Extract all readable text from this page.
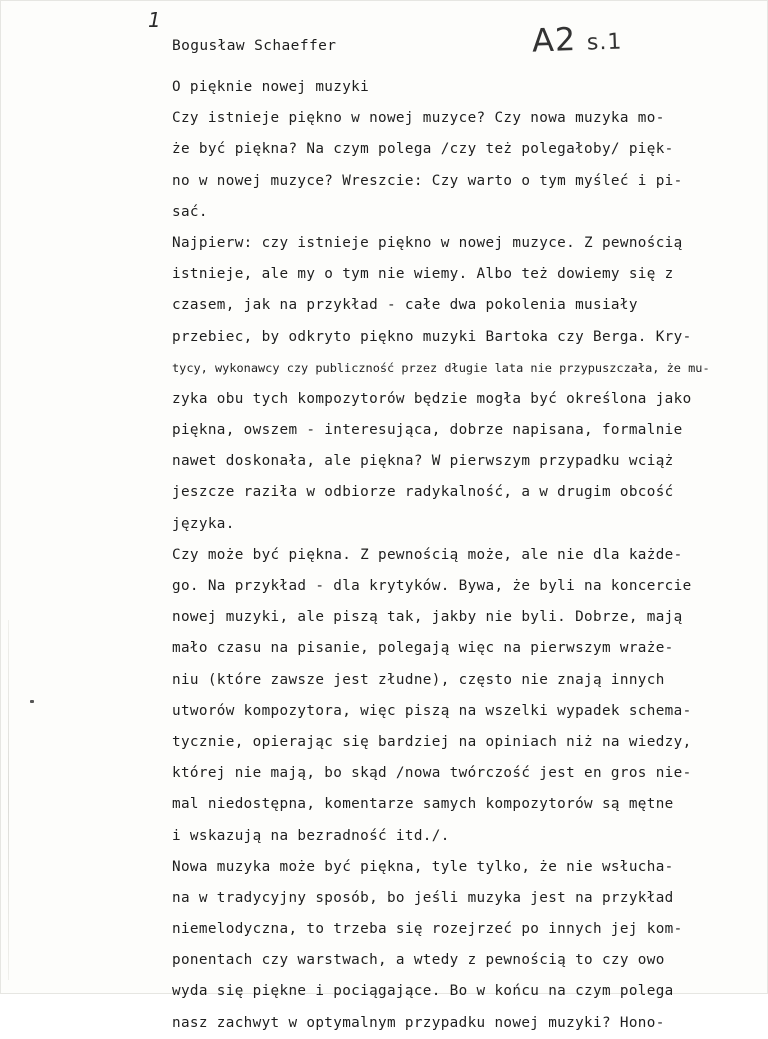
1
A2 s.1
Bogusław Schaeffer
O pięknie nowej muzyki
Czy istnieje piękno w nowej muzyce? Czy nowa muzyka mo-
że być piękna? Na czym polega /czy też polegałoby/ pięk-
no w nowej muzyce? Wreszcie: Czy warto o tym myśleć i pi-
sać.
Najpierw: czy istnieje piękno w nowej muzyce. Z pewnością
istnieje, ale my o tym nie wiemy. Albo też dowiemy się z
czasem, jak na przykład - całe dwa pokolenia musiały
przebiec, by odkryto piękno muzyki Bartoka czy Berga. Kry-
tycy, wykonawcy czy publiczność przez długie lata nie przypuszczała, że mu-
zyka obu tych kompozytorów będzie mogła być określona jako
piękna, owszem - interesująca, dobrze napisana, formalnie
nawet doskonała, ale piękna? W pierwszym przypadku wciąż
jeszcze raziła w odbiorze radykalność, a w drugim obcość
języka.
Czy może być piękna. Z pewnością może, ale nie dla każde-
go. Na przykład - dla krytyków. Bywa, że byli na koncercie
nowej muzyki, ale piszą tak, jakby nie byli. Dobrze, mają
mało czasu na pisanie, polegają więc na pierwszym wraże-
niu (które zawsze jest złudne), często nie znają innych
utworów kompozytora, więc piszą na wszelki wypadek schema-
tycznie, opierając się bardziej na opiniach niż na wiedzy,
której nie mają, bo skąd /nowa twórczość jest en gros nie-
mal niedostępna, komentarze samych kompozytorów są mętne
i wskazują na bezradność itd./.
Nowa muzyka może być piękna, tyle tylko, że nie wsłucha-
na w tradycyjny sposób, bo jeśli muzyka jest na przykład
niemelodyczna, to trzeba się rozejrzeć po innych jej kom-
ponentach czy warstwach, a wtedy z pewnością to czy owo
wyda się piękne i pociągające. Bo w końcu na czym polega
nasz zachwyt w optymalnym przypadku nowej muzyki? Hono-
